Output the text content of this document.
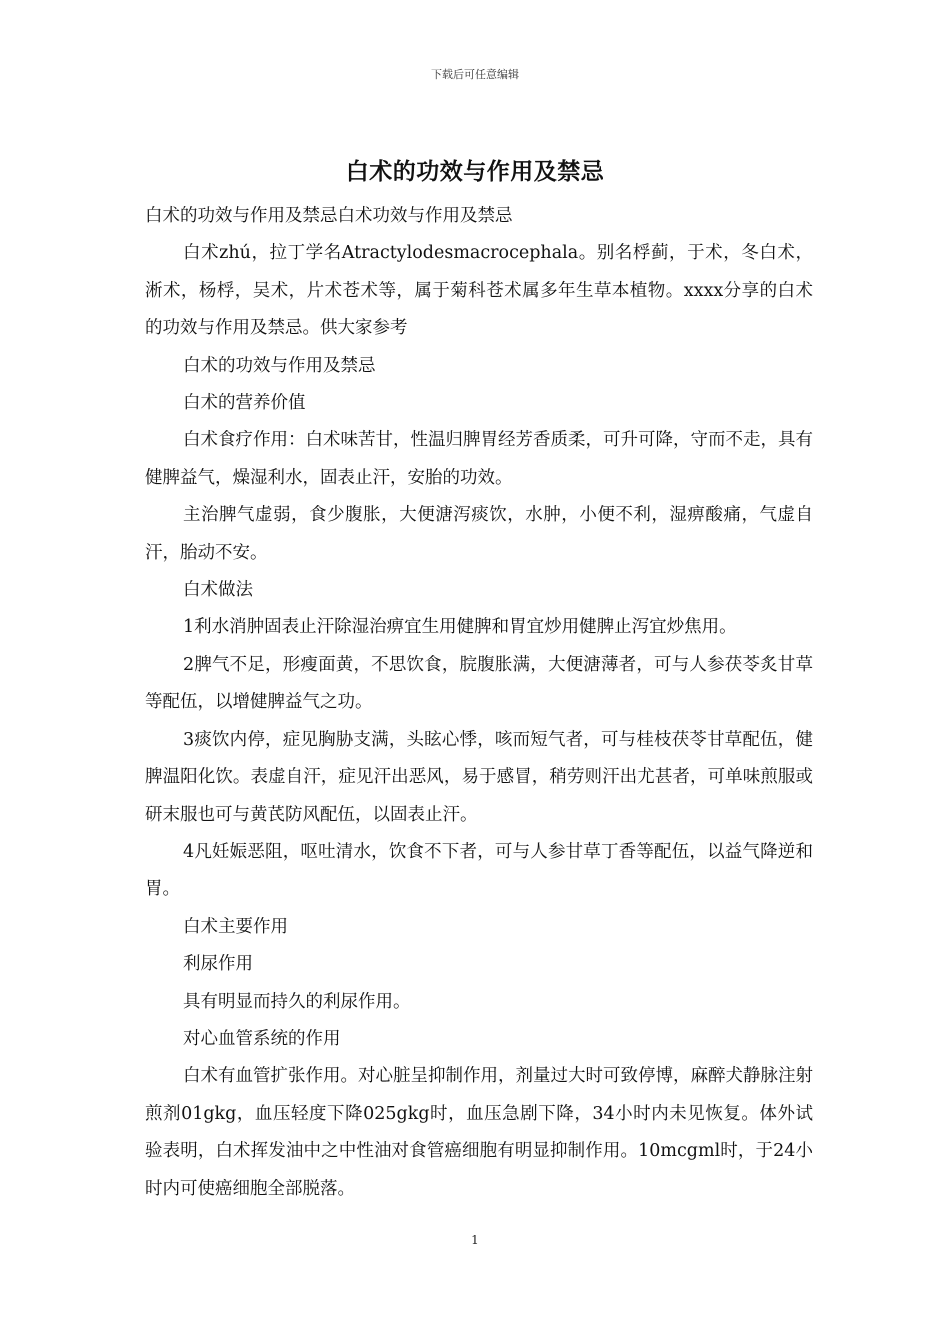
下载后可任意编辑
白术的功效与作用及禁忌

白术的功效与作用及禁忌白术功效与作用及禁忌

白术zhú，拉丁学名Atractylodesmacrocephala。别名桴蓟，于术，冬白术，淅术，杨桴，吴术，片术苍术等，属于菊科苍术属多年生草本植物。xxxx分享的白术的功效与作用及禁忌。供大家参考

白术的功效与作用及禁忌

白术的营养价值

白术食疗作用：白术味苦甘，性温归脾胃经芳香质柔，可升可降，守而不走，具有健脾益气，燥湿利水，固表止汗，安胎的功效。

主治脾气虚弱，食少腹胀，大便溏泻痰饮，水肿，小便不利，湿痹酸痛，气虚自汗，胎动不安。

白术做法

1利水消肿固表止汗除湿治痹宜生用健脾和胃宜炒用健脾止泻宜炒焦用。

2脾气不足，形瘦面黄，不思饮食，脘腹胀满，大便溏薄者，可与人参茯苓炙甘草等配伍，以增健脾益气之功。

3痰饮内停，症见胸胁支满，头眩心悸，咳而短气者，可与桂枝茯苓甘草配伍，健脾温阳化饮。表虚自汗，症见汗出恶风，易于感冒，稍劳则汗出尤甚者，可单味煎服或研末服也可与黄芪防风配伍，以固表止汗。

4凡妊娠恶阻，呕吐清水，饮食不下者，可与人参甘草丁香等配伍，以益气降逆和胃。

白术主要作用

利尿作用

具有明显而持久的利尿作用。

对心血管系统的作用

白术有血管扩张作用。对心脏呈抑制作用，剂量过大时可致停博，麻醉犬静脉注射煎剂01gkg，血压轻度下降025gkg时，血压急剧下降，34小时内未见恢复。体外试验表明，白术挥发油中之中性油对食管癌细胞有明显抑制作用。10mcgml时，于24小时内可使癌细胞全部脱落。

1
